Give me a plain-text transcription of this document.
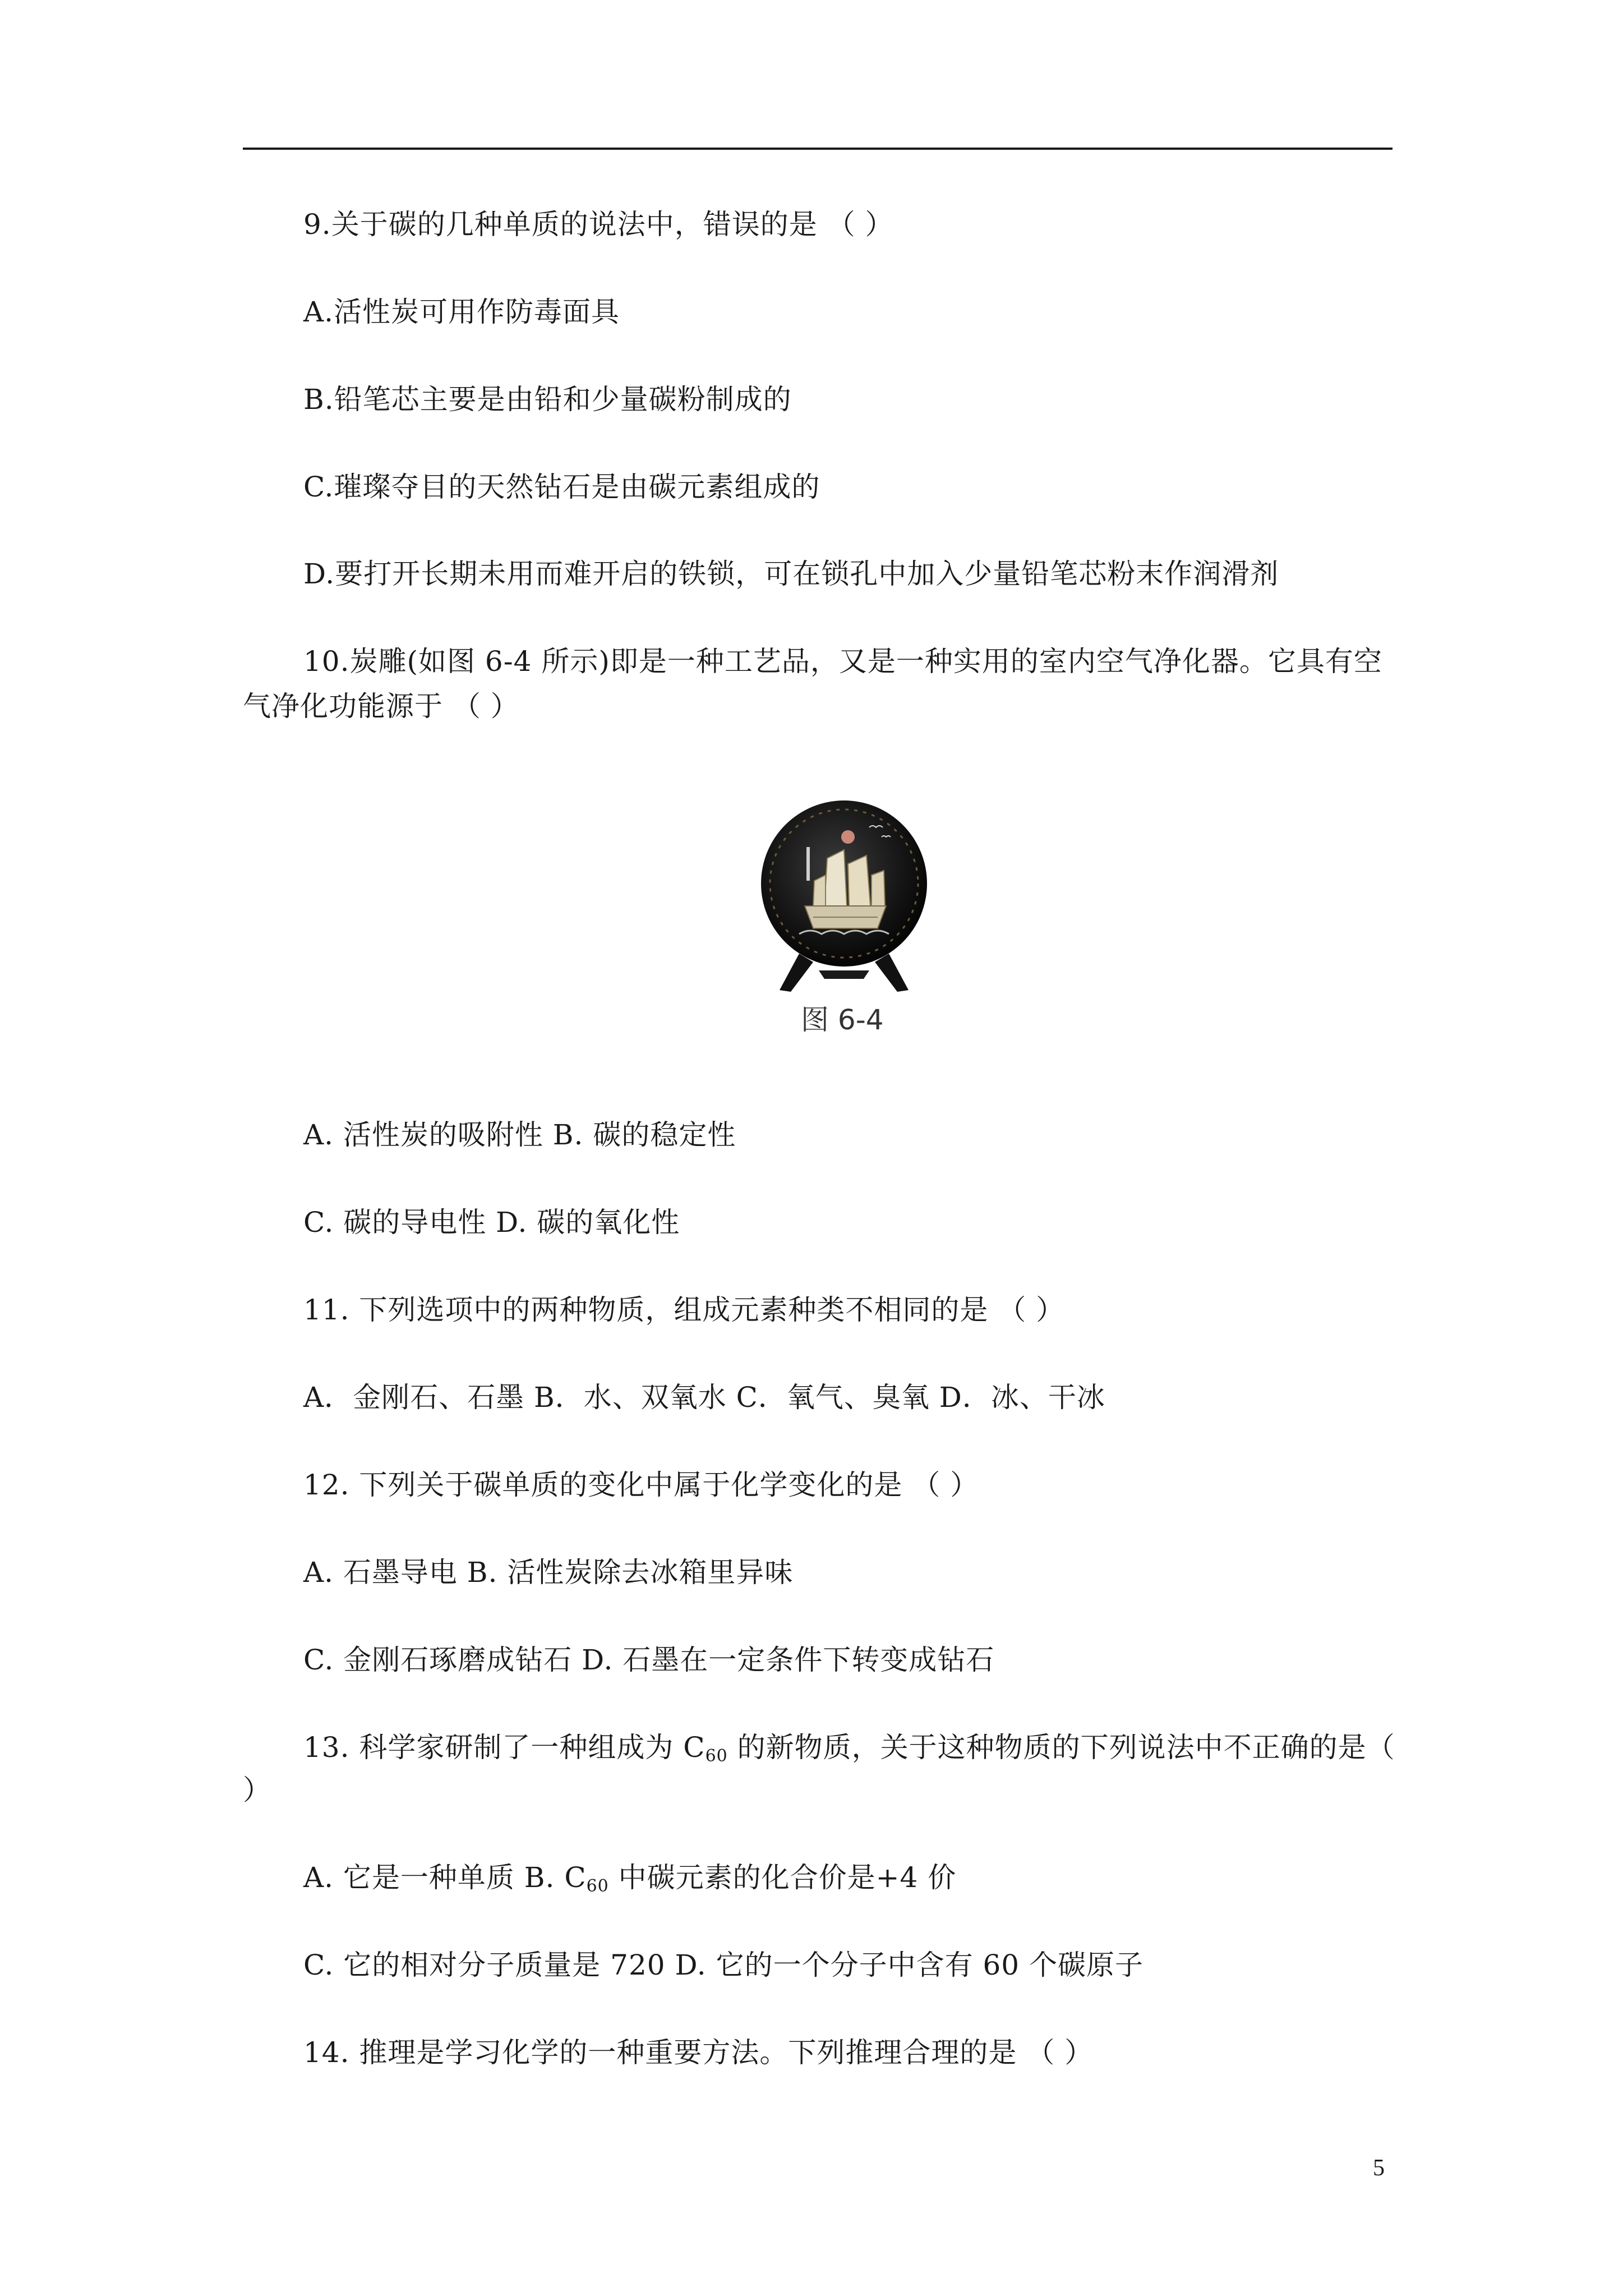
9.关于碳的几种单质的说法中，错误的是 （ ）
A.活性炭可用作防毒面具
B.铅笔芯主要是由铅和少量碳粉制成的
C.璀璨夺目的天然钻石是由碳元素组成的
D.要打开长期未用而难开启的铁锁，可在锁孔中加入少量铅笔芯粉末作润滑剂
10.炭雕(如图 6-4 所示)即是一种工艺品，又是一种实用的室内空气净化器。它具有空
气净化功能源于 （ ）
图 6-4
A. 活性炭的吸附性 B. 碳的稳定性
C. 碳的导电性 D. 碳的氧化性
11. 下列选项中的两种物质，组成元素种类不相同的是 （ ）
A．金刚石、石墨 B．水、双氧水 C．氧气、臭氧 D．冰、干冰
12. 下列关于碳单质的变化中属于化学变化的是 （ ）
A. 石墨导电 B. 活性炭除去冰箱里异味
C. 金刚石琢磨成钻石 D. 石墨在一定条件下转变成钻石
13. 科学家研制了一种组成为 $C_{60}$ 的新物质，关于这种物质的下列说法中不正确的是（
）
A. 它是一种单质 B. $C_{60}$ 中碳元素的化合价是+4 价
C. 它的相对分子质量是 720 D. 它的一个分子中含有 60 个碳原子
14. 推理是学习化学的一种重要方法。下列推理合理的是 （ ）
5
